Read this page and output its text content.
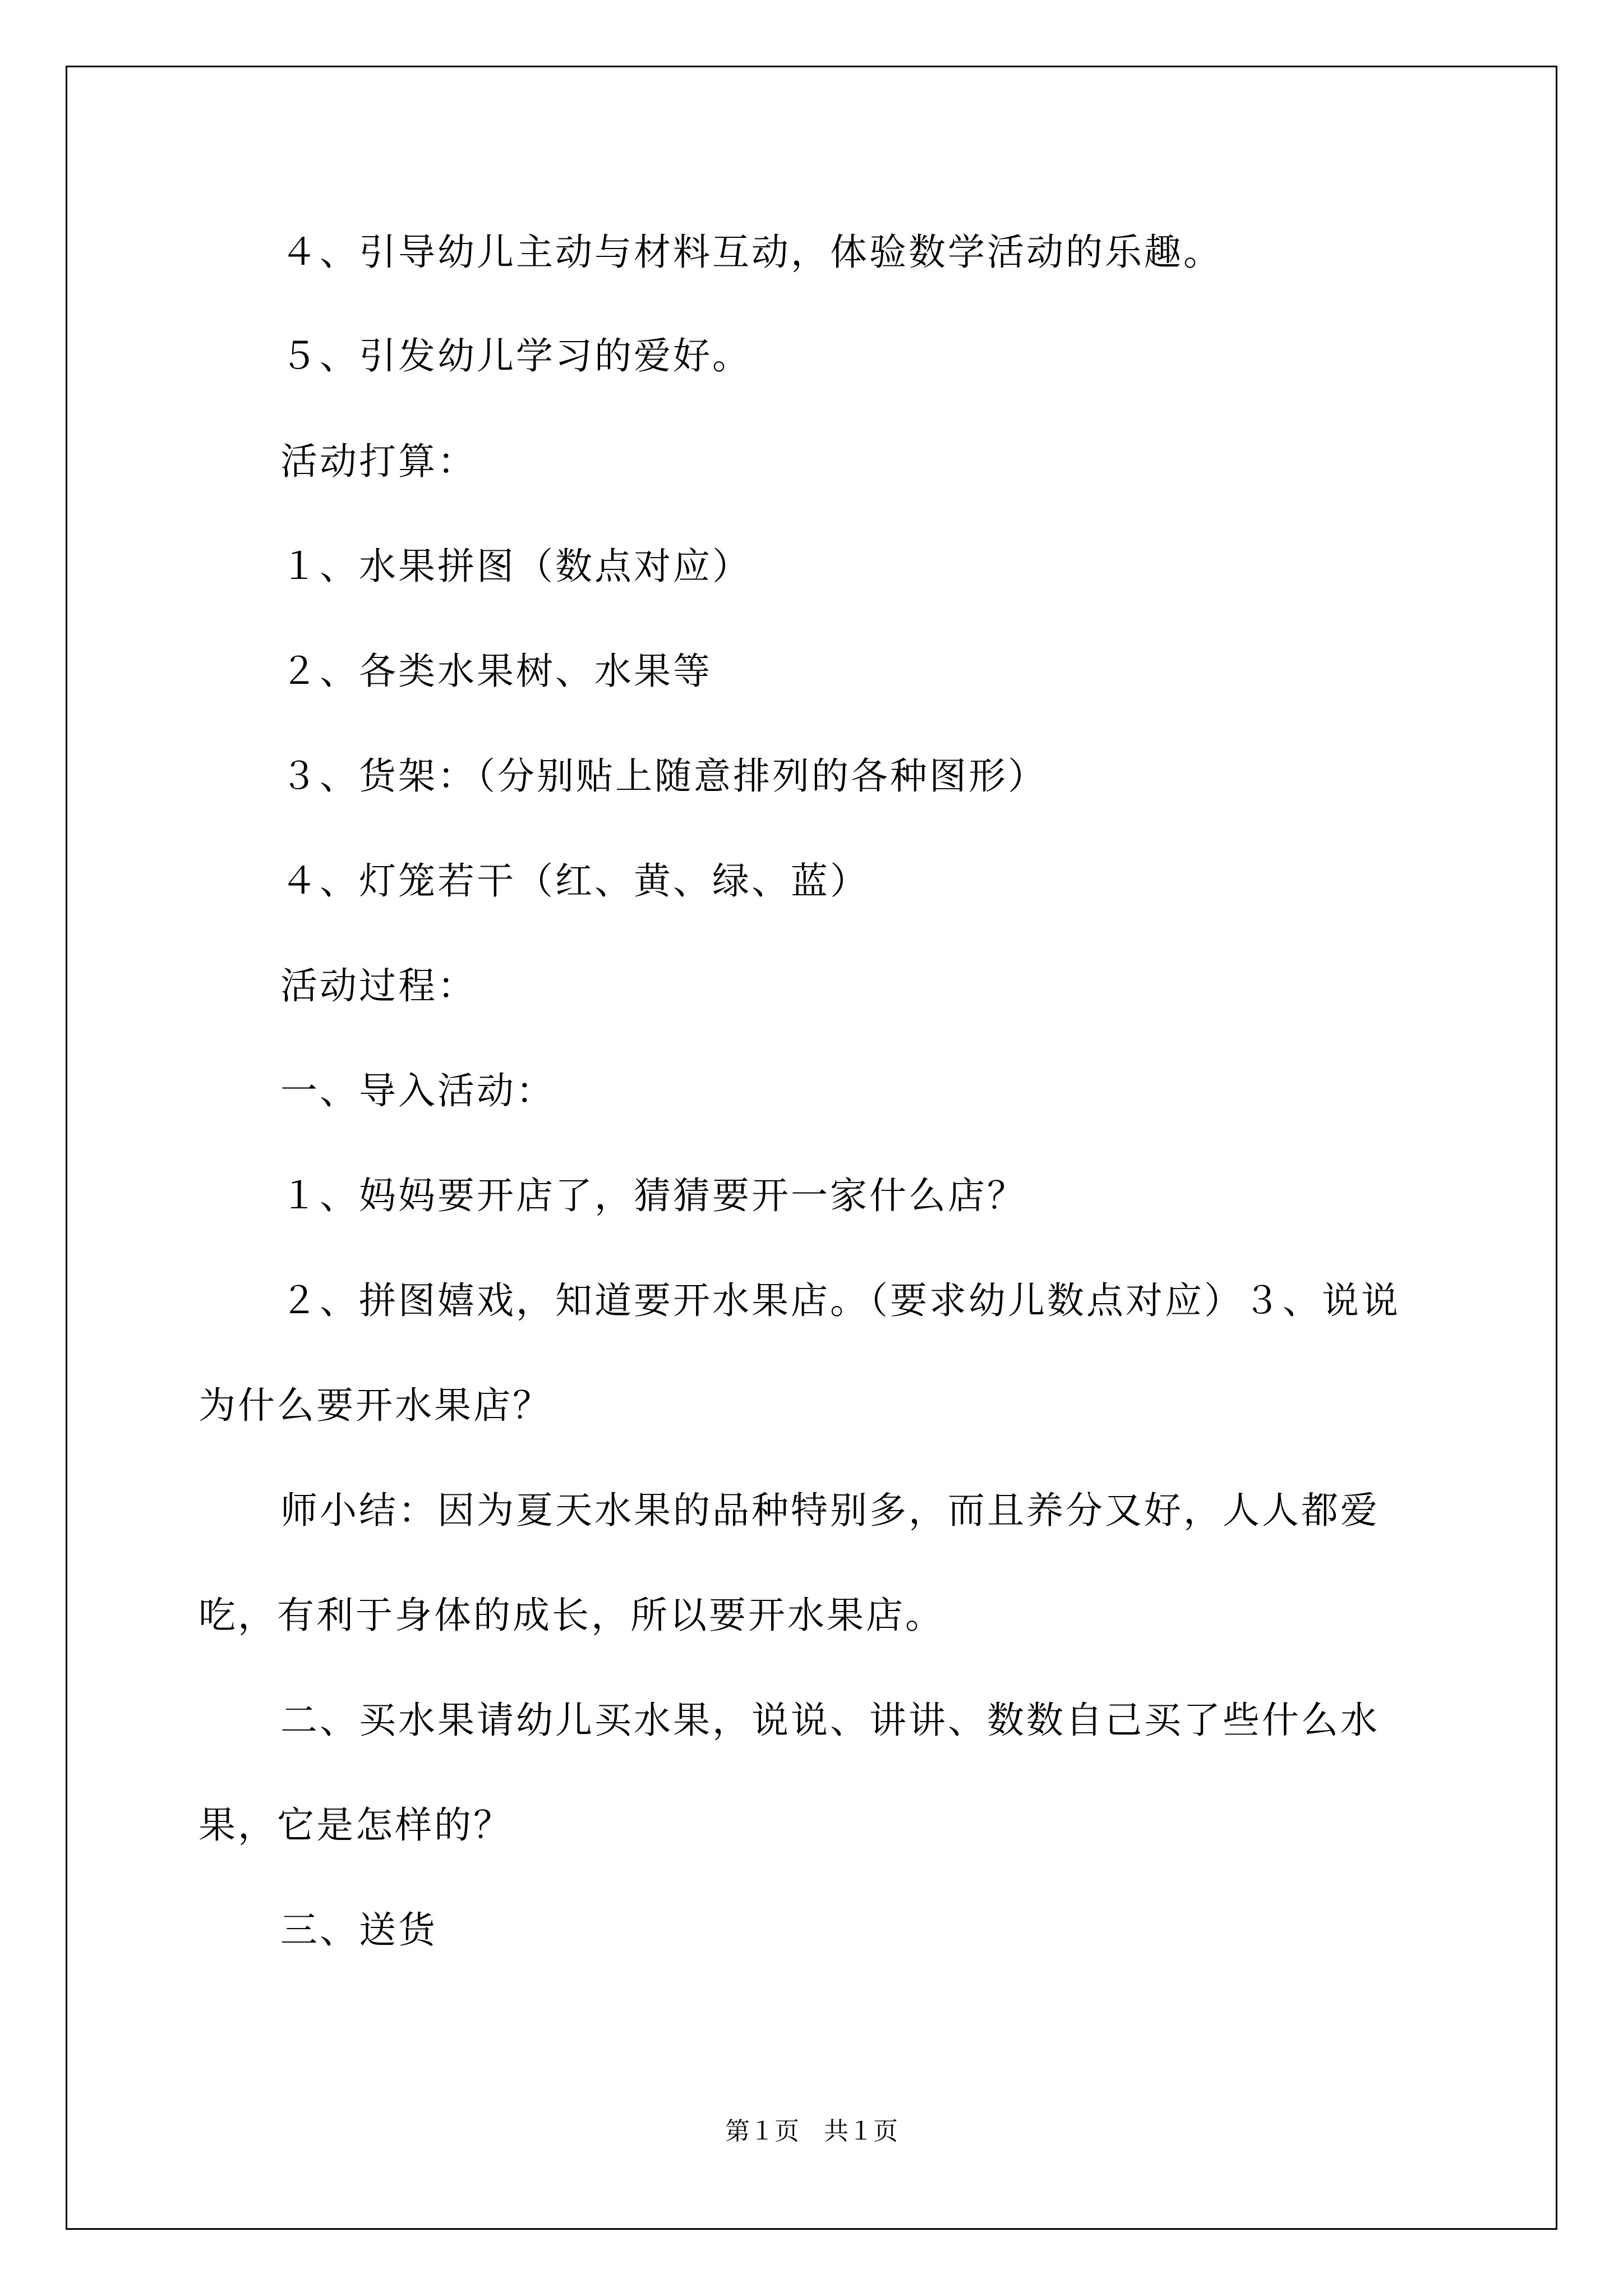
４、引导幼儿主动与材料互动，体验数学活动的乐趣。

５、引发幼儿学习的爱好。

活动打算：

１、水果拼图（数点对应）

２、各类水果树、水果等

３、货架：（分别贴上随意排列的各种图形）

４、灯笼若干（红、黄、绿、蓝）

活动过程：

一、导入活动：

１、妈妈要开店了，猜猜要开一家什么店？

２、拼图嬉戏，知道要开水果店。（要求幼儿数点对应）３、说说

为什么要开水果店？

师小结：因为夏天水果的品种特别多，而且养分又好，人人都爱

吃，有利于身体的成长，所以要开水果店。

二、买水果请幼儿买水果，说说、讲讲、数数自己买了些什么水

果，它是怎样的？

三、送货

第１页　共１页
